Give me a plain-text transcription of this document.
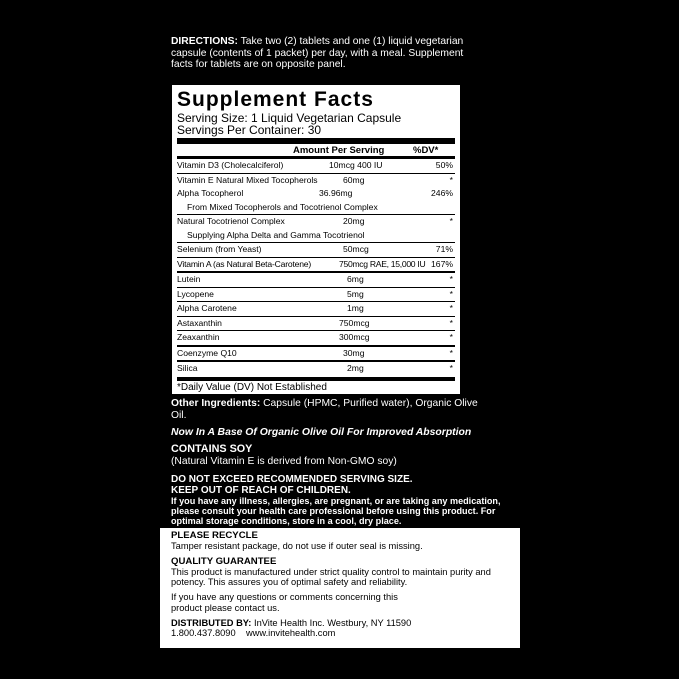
DIRECTIONS: Take two (2) tablets and one (1) liquid vegetarian capsule (contents of 1 packet) per day, with a meal. Supplement facts for tablets are on opposite panel.
Supplement Facts
Serving Size: 1 Liquid Vegetarian Capsule
Servings Per Container: 30
Amount Per Serving	%DV*
Vitamin D3 (Cholecalciferol)	10mcg 400 IU	50%
Vitamin E Natural Mixed Tocopherols	60mg	*
Alpha Tocopherol	36.96mg	246%
From Mixed Tocopherols and Tocotrienol Complex
Natural Tocotrienol Complex	20mg	*
Supplying Alpha Delta and Gamma Tocotrienol
Selenium (from Yeast)	50mcg	71%
Vitamin A (as Natural Beta-Carotene)	750mcg RAE, 15,000 IU 167%
Lutein	6mg	*
Lycopene	5mg	*
Alpha Carotene	1mg	*
Astaxanthin	750mcg	*
Zeaxanthin	300mcg	*
Coenzyme Q10	30mg	*
Silica	2mg	*
*Daily Value (DV) Not Established
Other Ingredients: Capsule (HPMC, Purified water), Organic Olive Oil.
Now In A Base Of Organic Olive Oil For Improved Absorption
CONTAINS SOY
(Natural Vitamin E is derived from Non-GMO soy)
DO NOT EXCEED RECOMMENDED SERVING SIZE.
KEEP OUT OF REACH OF CHILDREN.
If you have any illness, allergies, are pregnant, or are taking any medication, please consult your health care professional before using this product. For optimal storage conditions, store in a cool, dry place.
PLEASE RECYCLE
Tamper resistant package, do not use if outer seal is missing.
QUALITY GUARANTEE
This product is manufactured under strict quality control to maintain purity and potency. This assures you of optimal safety and reliability.
If you have any questions or comments concerning this product please contact us.
DISTRIBUTED BY: InVite Health Inc. Westbury, NY 11590
1.800.437.8090 www.invitehealth.com
